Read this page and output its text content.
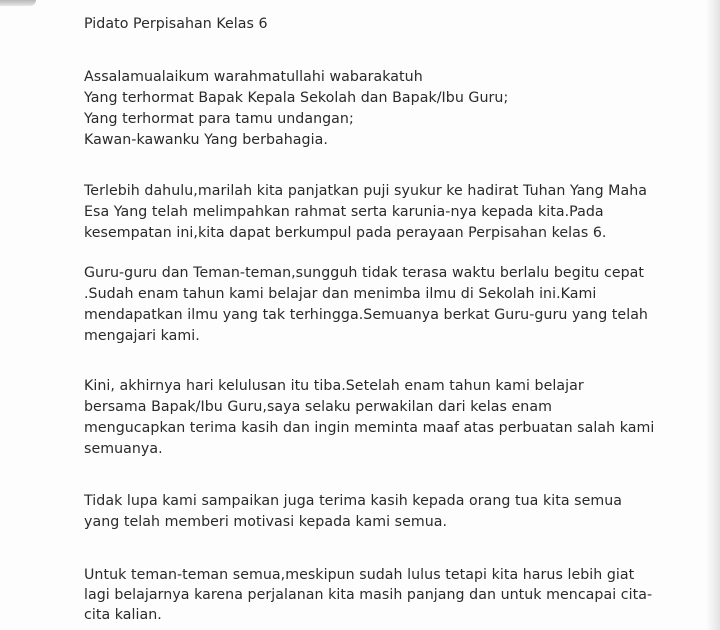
Pidato Perpisahan Kelas 6
Assalamualaikum warahmatullahi wabarakatuh
Yang terhormat Bapak Kepala Sekolah dan Bapak/Ibu Guru;
Yang terhormat para tamu undangan;
Kawan-kawanku Yang berbahagia.
Terlebih dahulu,marilah kita panjatkan puji syukur ke hadirat Tuhan Yang Maha
Esa Yang telah melimpahkan rahmat serta karunia-nya kepada kita.Pada
kesempatan ini,kita dapat berkumpul pada perayaan Perpisahan kelas 6.
Guru-guru dan Teman-teman,sungguh tidak terasa waktu berlalu begitu cepat
.Sudah enam tahun kami belajar dan menimba ilmu di Sekolah ini.Kami
mendapatkan ilmu yang tak terhingga.Semuanya berkat Guru-guru yang telah
mengajari kami.
Kini, akhirnya hari kelulusan itu tiba.Setelah enam tahun kami belajar
bersama Bapak/Ibu Guru,saya selaku perwakilan dari kelas enam
mengucapkan terima kasih dan ingin meminta maaf atas perbuatan salah kami
semuanya.
Tidak lupa kami sampaikan juga terima kasih kepada orang tua kita semua
yang telah memberi motivasi kepada kami semua.
Untuk teman-teman semua,meskipun sudah lulus tetapi kita harus lebih giat
lagi belajarnya karena perjalanan kita masih panjang dan untuk mencapai cita-
cita kalian.
